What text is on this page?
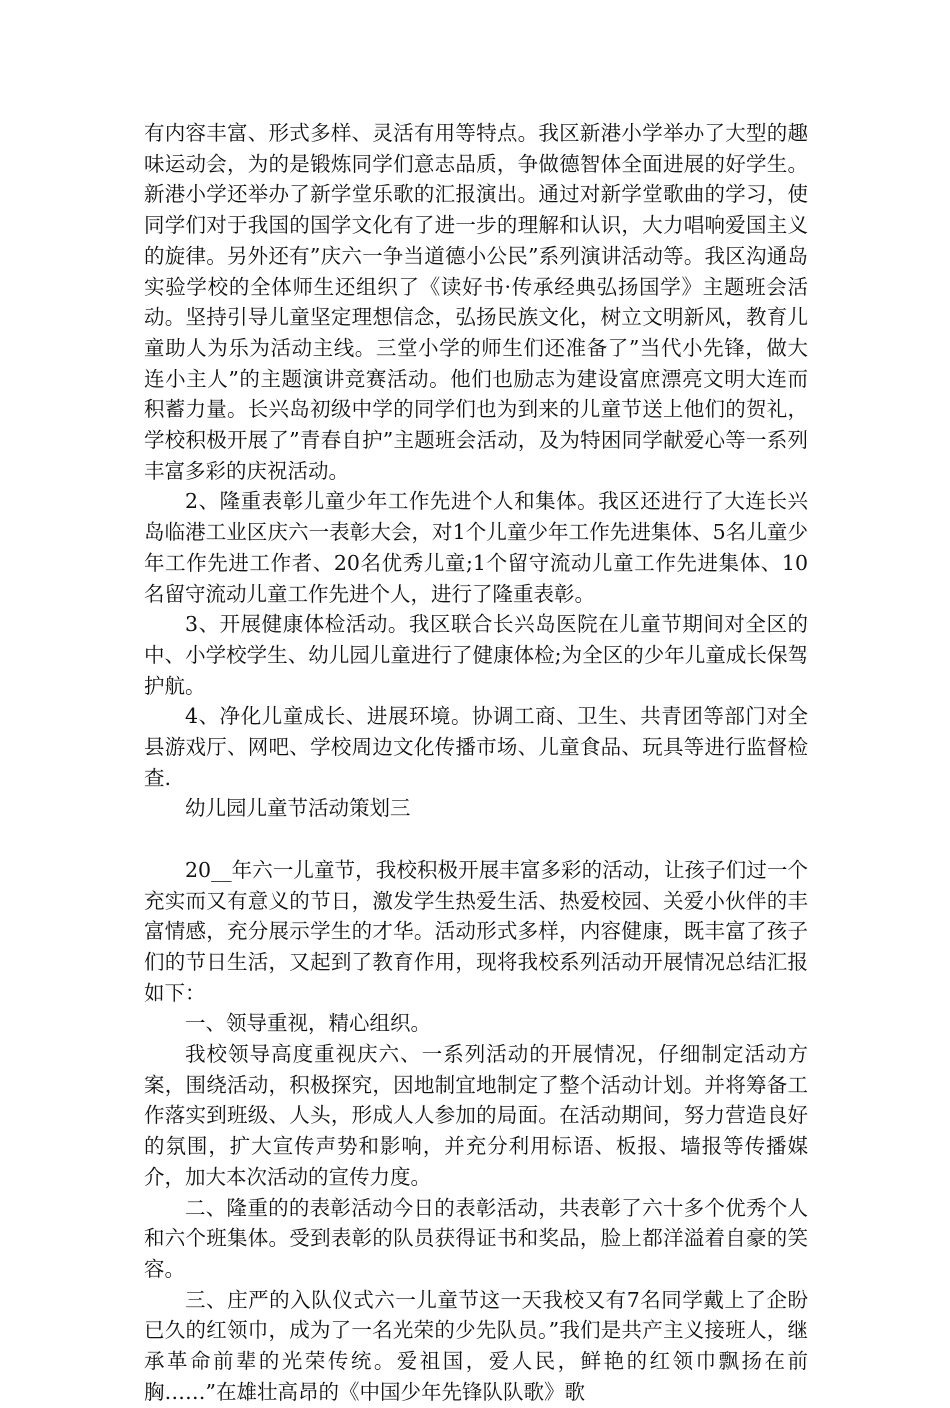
有内容丰富、形式多样、灵活有用等特点。我区新港小学举办了大型的趣味运动会，为的是锻炼同学们意志品质，争做德智体全面进展的好学生。新港小学还举办了新学堂乐歌的汇报演出。通过对新学堂歌曲的学习，使同学们对于我国的国学文化有了进一步的理解和认识，大力唱响爱国主义的旋律。另外还有”庆六一争当道德小公民”系列演讲活动等。我区沟通岛实验学校的全体师生还组织了《读好书·传承经典弘扬国学》主题班会活动。坚持引导儿童坚定理想信念，弘扬民族文化，树立文明新风，教育儿童助人为乐为活动主线。三堂小学的师生们还准备了”当代小先锋，做大连小主人”的主题演讲竞赛活动。他们也励志为建设富庶漂亮文明大连而积蓄力量。长兴岛初级中学的同学们也为到来的儿童节送上他们的贺礼，学校积极开展了”青春自护”主题班会活动，及为特困同学献爱心等一系列丰富多彩的庆祝活动。

2、隆重表彰儿童少年工作先进个人和集体。我区还进行了大连长兴岛临港工业区庆六一表彰大会，对1个儿童少年工作先进集体、5名儿童少年工作先进工作者、20名优秀儿童;1个留守流动儿童工作先进集体、10名留守流动儿童工作先进个人，进行了隆重表彰。

3、开展健康体检活动。我区联合长兴岛医院在儿童节期间对全区的中、小学校学生、幼儿园儿童进行了健康体检;为全区的少年儿童成长保驾护航。

4、净化儿童成长、进展环境。协调工商、卫生、共青团等部门对全县游戏厅、网吧、学校周边文化传播市场、儿童食品、玩具等进行监督检查.

幼儿园儿童节活动策划三

20__年六一儿童节，我校积极开展丰富多彩的活动，让孩子们过一个充实而又有意义的节日，激发学生热爱生活、热爱校园、关爱小伙伴的丰富情感，充分展示学生的才华。活动形式多样，内容健康，既丰富了孩子们的节日生活，又起到了教育作用，现将我校系列活动开展情况总结汇报如下：

一、领导重视，精心组织。

我校领导高度重视庆六、一系列活动的开展情况，仔细制定活动方案，围绕活动，积极探究，因地制宜地制定了整个活动计划。并将筹备工作落实到班级、人头，形成人人参加的局面。在活动期间，努力营造良好的氛围，扩大宣传声势和影响，并充分利用标语、板报、墙报等传播媒介，加大本次活动的宣传力度。

二、隆重的的表彰活动今日的表彰活动，共表彰了六十多个优秀个人和六个班集体。受到表彰的队员获得证书和奖品，脸上都洋溢着自豪的笑容。

三、庄严的入队仪式六一儿童节这一天我校又有7名同学戴上了企盼已久的红领巾，成为了一名光荣的少先队员。”我们是共产主义接班人，继承革命前辈的光荣传统。爱祖国，爱人民，鲜艳的红领巾飘扬在前胸……”在雄壮高昂的《中国少年先锋队队歌》歌
